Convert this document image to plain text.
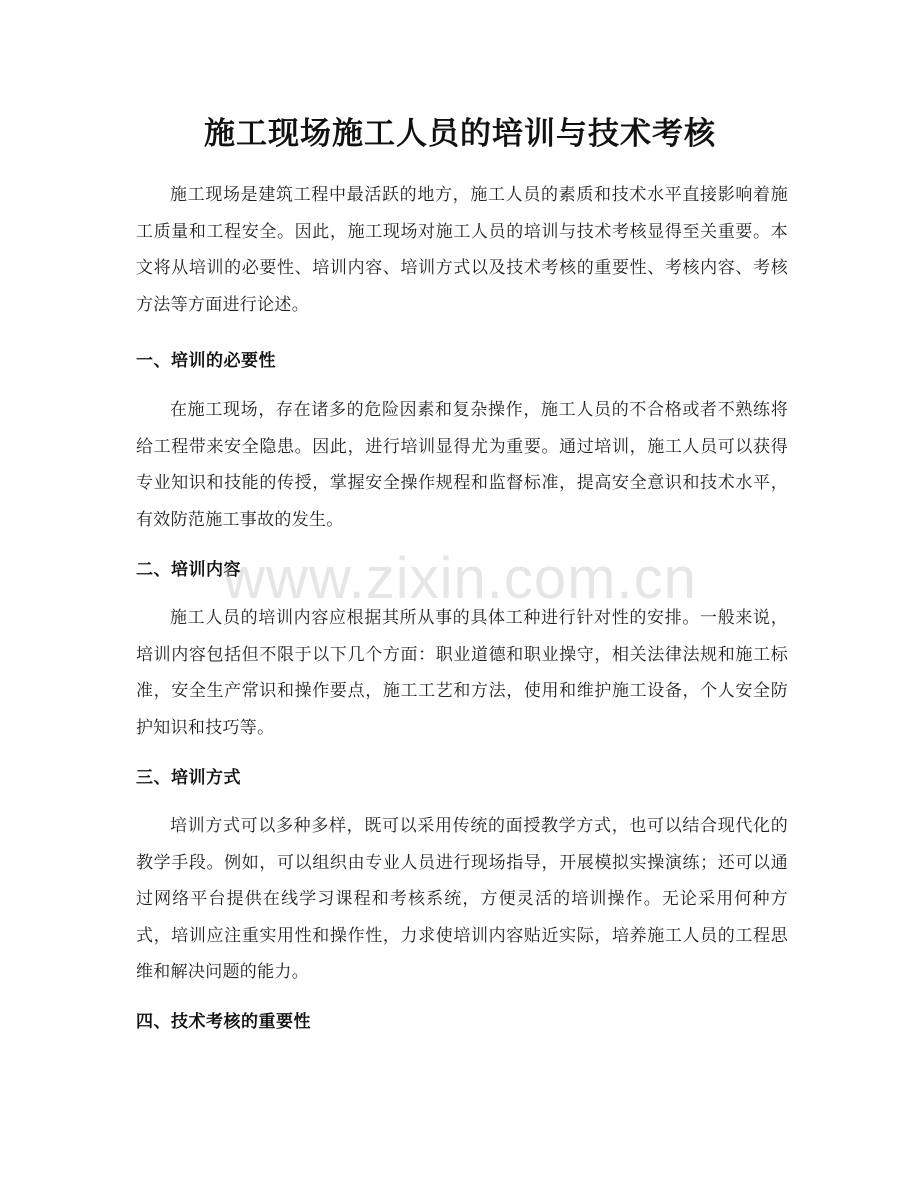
施工现场施工人员的培训与技术考核
施工现场是建筑工程中最活跃的地方，施工人员的素质和技术水平直接影响着施工质量和工程安全。因此，施工现场对施工人员的培训与技术考核显得至关重要。本文将从培训的必要性、培训内容、培训方式以及技术考核的重要性、考核内容、考核方法等方面进行论述。
一、培训的必要性
在施工现场，存在诸多的危险因素和复杂操作，施工人员的不合格或者不熟练将给工程带来安全隐患。因此，进行培训显得尤为重要。通过培训，施工人员可以获得专业知识和技能的传授，掌握安全操作规程和监督标准，提高安全意识和技术水平，有效防范施工事故的发生。
二、培训内容
施工人员的培训内容应根据其所从事的具体工种进行针对性的安排。一般来说，培训内容包括但不限于以下几个方面：职业道德和职业操守，相关法律法规和施工标准，安全生产常识和操作要点，施工工艺和方法，使用和维护施工设备，个人安全防护知识和技巧等。
三、培训方式
培训方式可以多种多样，既可以采用传统的面授教学方式，也可以结合现代化的教学手段。例如，可以组织由专业人员进行现场指导，开展模拟实操演练；还可以通过网络平台提供在线学习课程和考核系统，方便灵活的培训操作。无论采用何种方式，培训应注重实用性和操作性，力求使培训内容贴近实际，培养施工人员的工程思维和解决问题的能力。
四、技术考核的重要性
www.zixin.com.cn
